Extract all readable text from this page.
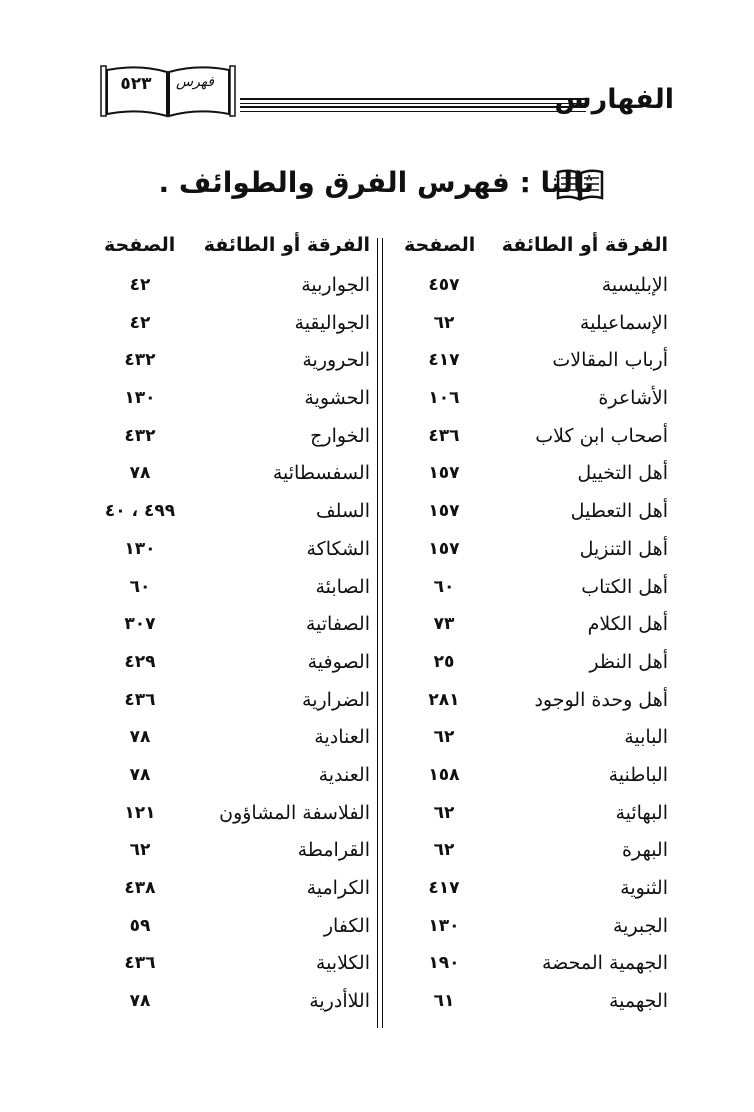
الفهارس
فهرس
٥٢٣
ثالثا : فهرس الفرق والطوائف .
الفرقة أو الطائفة
الصفحة
الفرقة أو الطائفة
الصفحة
الإبليسية
٤٥٧
الجواربية
٤٢
الإسماعيلية
٦٢
الجواليقية
٤٢
أرباب المقالات
٤١٧
الحرورية
٤٣٢
الأشاعرة
١٠٦
الحشوية
١٣٠
أصحاب ابن كلاب
٤٣٦
الخوارج
٤٣٢
أهل التخييل
١٥٧
السفسطائية
٧٨
أهل التعطيل
١٥٧
السلف
٤٩٩ ، ٤٠
أهل التنزيل
١٥٧
الشكاكة
١٣٠
أهل الكتاب
٦٠
الصابئة
٦٠
أهل الكلام
٧٣
الصفاتية
٣٠٧
أهل النظر
٢٥
الصوفية
٤٢٩
أهل وحدة الوجود
٢٨١
الضرارية
٤٣٦
البابية
٦٢
العنادية
٧٨
الباطنية
١٥٨
العندية
٧٨
البهائية
٦٢
الفلاسفة المشاؤون
١٢١
البهرة
٦٢
القرامطة
٦٢
الثنوية
٤١٧
الكرامية
٤٣٨
الجبرية
١٣٠
الكفار
٥٩
الجهمية المحضة
١٩٠
الكلابية
٤٣٦
الجهمية
٦١
اللاأدرية
٧٨
